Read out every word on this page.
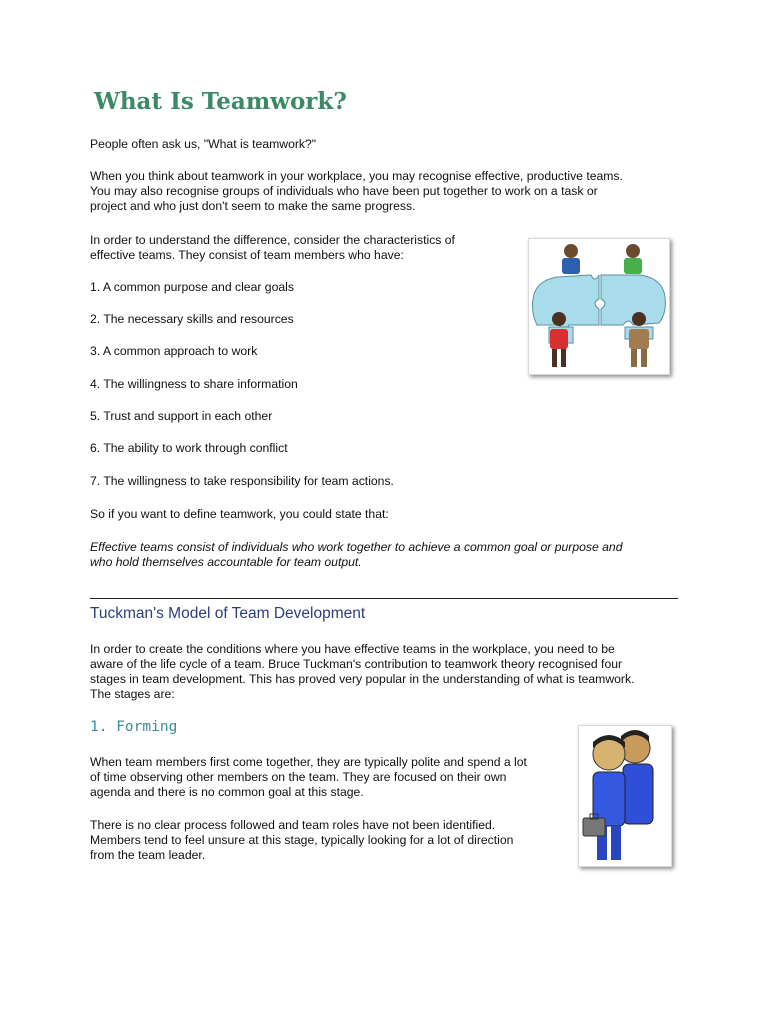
What Is Teamwork?

People often ask us, "What is teamwork?"

When you think about teamwork in your workplace, you may recognise effective, productive teams.

You may also recognise groups of individuals who have been put together to work on a task or

project and who just don't seem to make the same progress.

In order to understand the difference, consider the characteristics of

effective teams. They consist of team members who have:

1. A common purpose and clear goals
2. The necessary skills and resources
3. A common approach to work
4. The willingness to share information
5. Trust and support in each other
6. The ability to work through conflict
7. The willingness to take responsibility for team actions.

So if you want to define teamwork, you could state that:

Effective teams consist of individuals who work together to achieve a common goal or purpose and

who hold themselves accountable for team output.

Tuckman's Model of Team Development

In order to create the conditions where you have effective teams in the workplace, you need to be

aware of the life cycle of a team. Bruce Tuckman's contribution to teamwork theory recognised four

stages in team development. This has proved very popular in the understanding of what is teamwork.

The stages are:

1. Forming

When team members first come together, they are typically polite and spend a lot

of time observing other members on the team. They are focused on their own

agenda and there is no common goal at this stage.

There is no clear process followed and team roles have not been identified.

Members tend to feel unsure at this stage, typically looking for a lot of direction

from the team leader.
